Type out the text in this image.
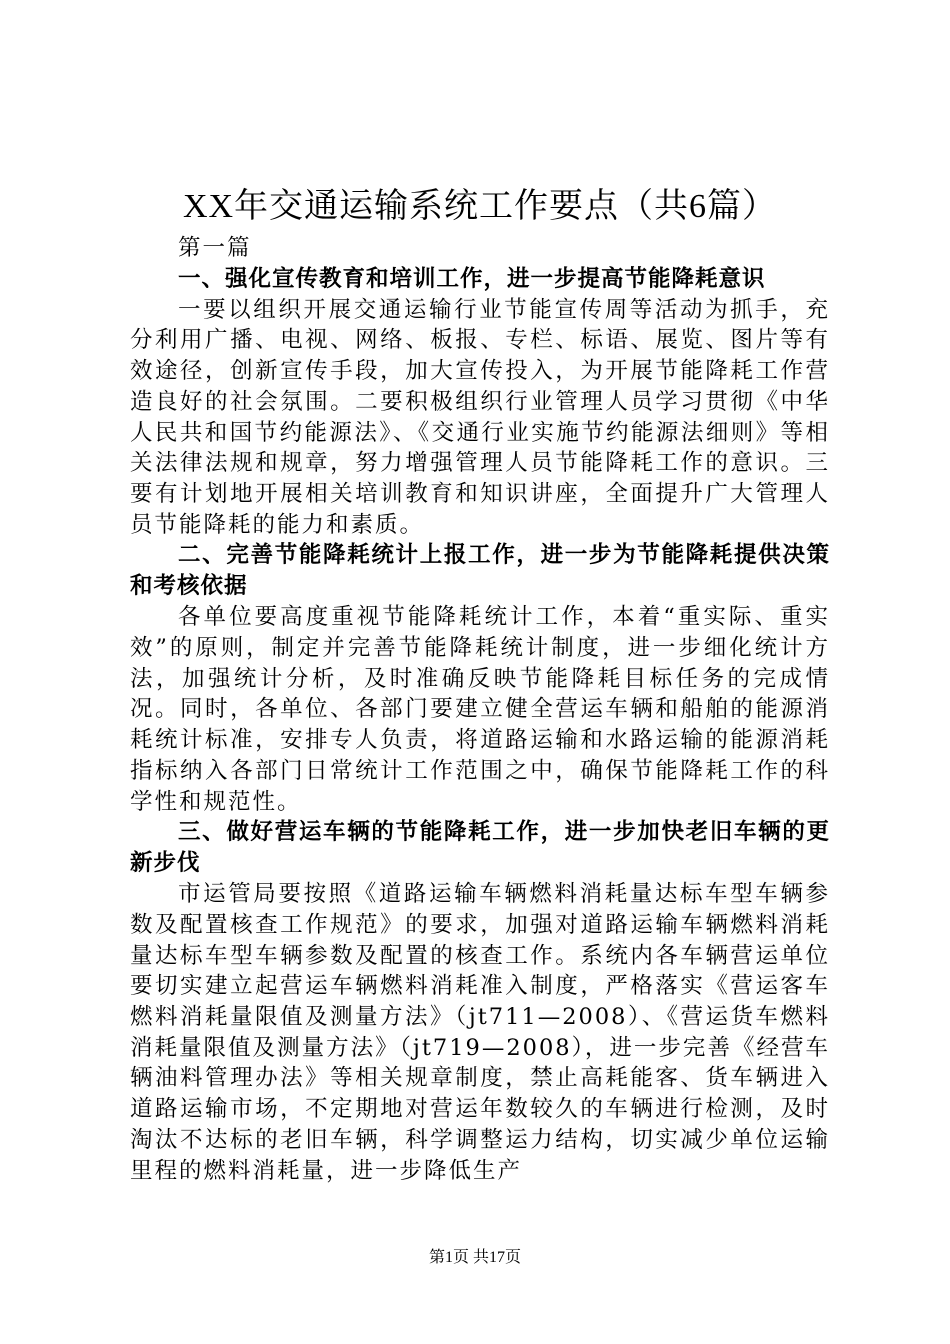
XX年交通运输系统工作要点（共6篇）

第一篇

一、强化宣传教育和培训工作，进一步提高节能降耗意识

一要以组织开展交通运输行业节能宣传周等活动为抓手，充分利用广播、电视、网络、板报、专栏、标语、展览、图片等有效途径，创新宣传手段，加大宣传投入，为开展节能降耗工作营造良好的社会氛围。二要积极组织行业管理人员学习贯彻《中华人民共和国节约能源法》、《交通行业实施节约能源法细则》等相关法律法规和规章，努力增强管理人员节能降耗工作的意识。三要有计划地开展相关培训教育和知识讲座，全面提升广大管理人员节能降耗的能力和素质。

二、完善节能降耗统计上报工作，进一步为节能降耗提供决策和考核依据

各单位要高度重视节能降耗统计工作，本着“重实际、重实效”的原则，制定并完善节能降耗统计制度，进一步细化统计方法，加强统计分析，及时准确反映节能降耗目标任务的完成情况。同时，各单位、各部门要建立健全营运车辆和船舶的能源消耗统计标准，安排专人负责，将道路运输和水路运输的能源消耗指标纳入各部门日常统计工作范围之中，确保节能降耗工作的科学性和规范性。

三、做好营运车辆的节能降耗工作，进一步加快老旧车辆的更新步伐

市运管局要按照《道路运输车辆燃料消耗量达标车型车辆参数及配置核查工作规范》的要求，加强对道路运输车辆燃料消耗量达标车型车辆参数及配置的核查工作。系统内各车辆营运单位要切实建立起营运车辆燃料消耗准入制度，严格落实《营运客车燃料消耗量限值及测量方法》（jt711—2008）、《营运货车燃料消耗量限值及测量方法》（jt719—2008），进一步完善《经营车辆油料管理办法》等相关规章制度，禁止高耗能客、货车辆进入道路运输市场，不定期地对营运年数较久的车辆进行检测，及时淘汰不达标的老旧车辆，科学调整运力结构，切实减少单位运输里程的燃料消耗量，进一步降低生产

第1页 共17页
